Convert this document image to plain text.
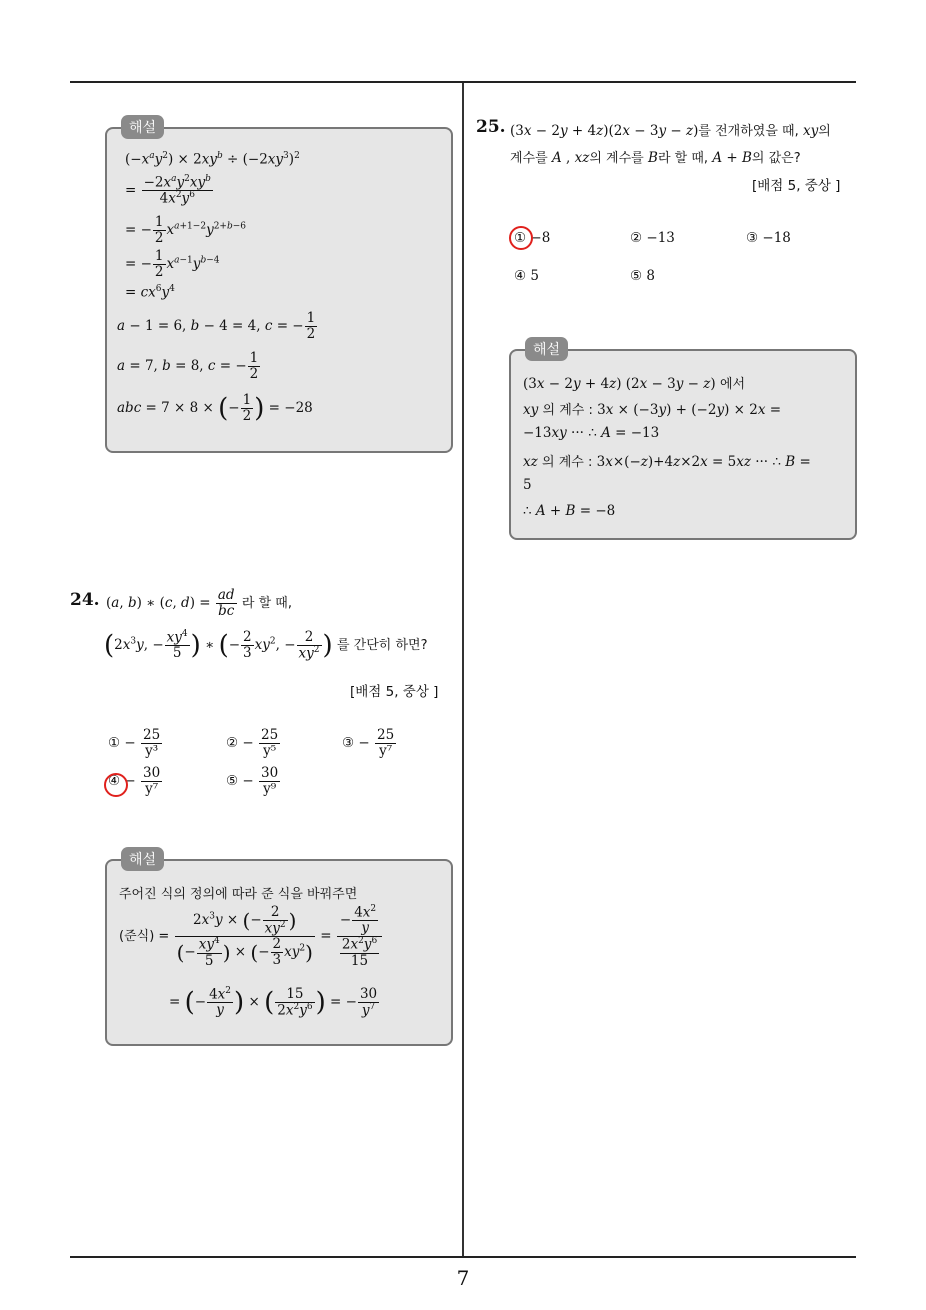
7
해설
$(-x^ay^2) \times 2xy^b \div (-2xy^3)^2$
= $\frac{-2x^ay^2xy^b}{4x^2y^6}$
= − $\frac{1}{2} x^{a+1-2}y^{2+b-6}$
= − $\frac{1}{2} x^{a-1}y^{b-4}$
= $cx^6y^4$
a − 1 = 6, b − 4 = 4, c = − $\frac{1}{2}$
a = 7, b = 8, c = − $\frac{1}{2}$
abc = 7 × 8 × (− $\frac{1}{2}$ ) = −28
24. (a, b) ∗ (c, $d) = \frac{ad}{bc}$ 라 할 때,
($2x^3y$, − $\frac{xy^4}{5}$ ) ∗ (− $\frac{2}{3} xy^2$, − $\frac{2}{xy^2}$ ) 를 간단히 하면?
[배점 5, 중상 ]
① − $\frac{25}{\text{y³}}$	② − $\frac{25}{\text{y⁵}}$	③ − $\frac{25}{\text{y⁷}}$
④ − $\frac{30}{\text{y⁷}}$	⑤ − $\frac{30}{\text{y⁹}}$
해설
주어진 식의 정의에 따라 준 식을 바꿔주면
(준식) = $\frac{2x^3y \times (- \frac{2}{xy^2} )}{(- \frac{xy^4}{5} ) \times (- \frac{2}{3} xy^2)} = \frac{- \frac{4x^2}{y}}{\frac{2x^2y^6}{15}}$
= (− $\frac{4x^2}{y}$ ) × ( $\frac{15}{2x^2y^6}$ ) = − $\frac{30}{y^7}$
25. (3x − 2y + 4z)(2x − 3y − z)를 전개하였을 때, xy의
계수를 A , xz의 계수를 B라 할 때, A + B의 값은?
[배점 5, 중상 ]
① −8	② −13	③ −18
④ 5	⑤ 8
해설
(3x − 2y + 4z) (2x − 3y − z) 에서
xy 의 계수 : 3x × (−3y) + (−2y) × 2x =
−13xy ··· ∴ A = −13
xz 의 계수 : 3x×(−z)+4z×2x = 5xz ··· ∴ B =
5
∴ A + B = −8
